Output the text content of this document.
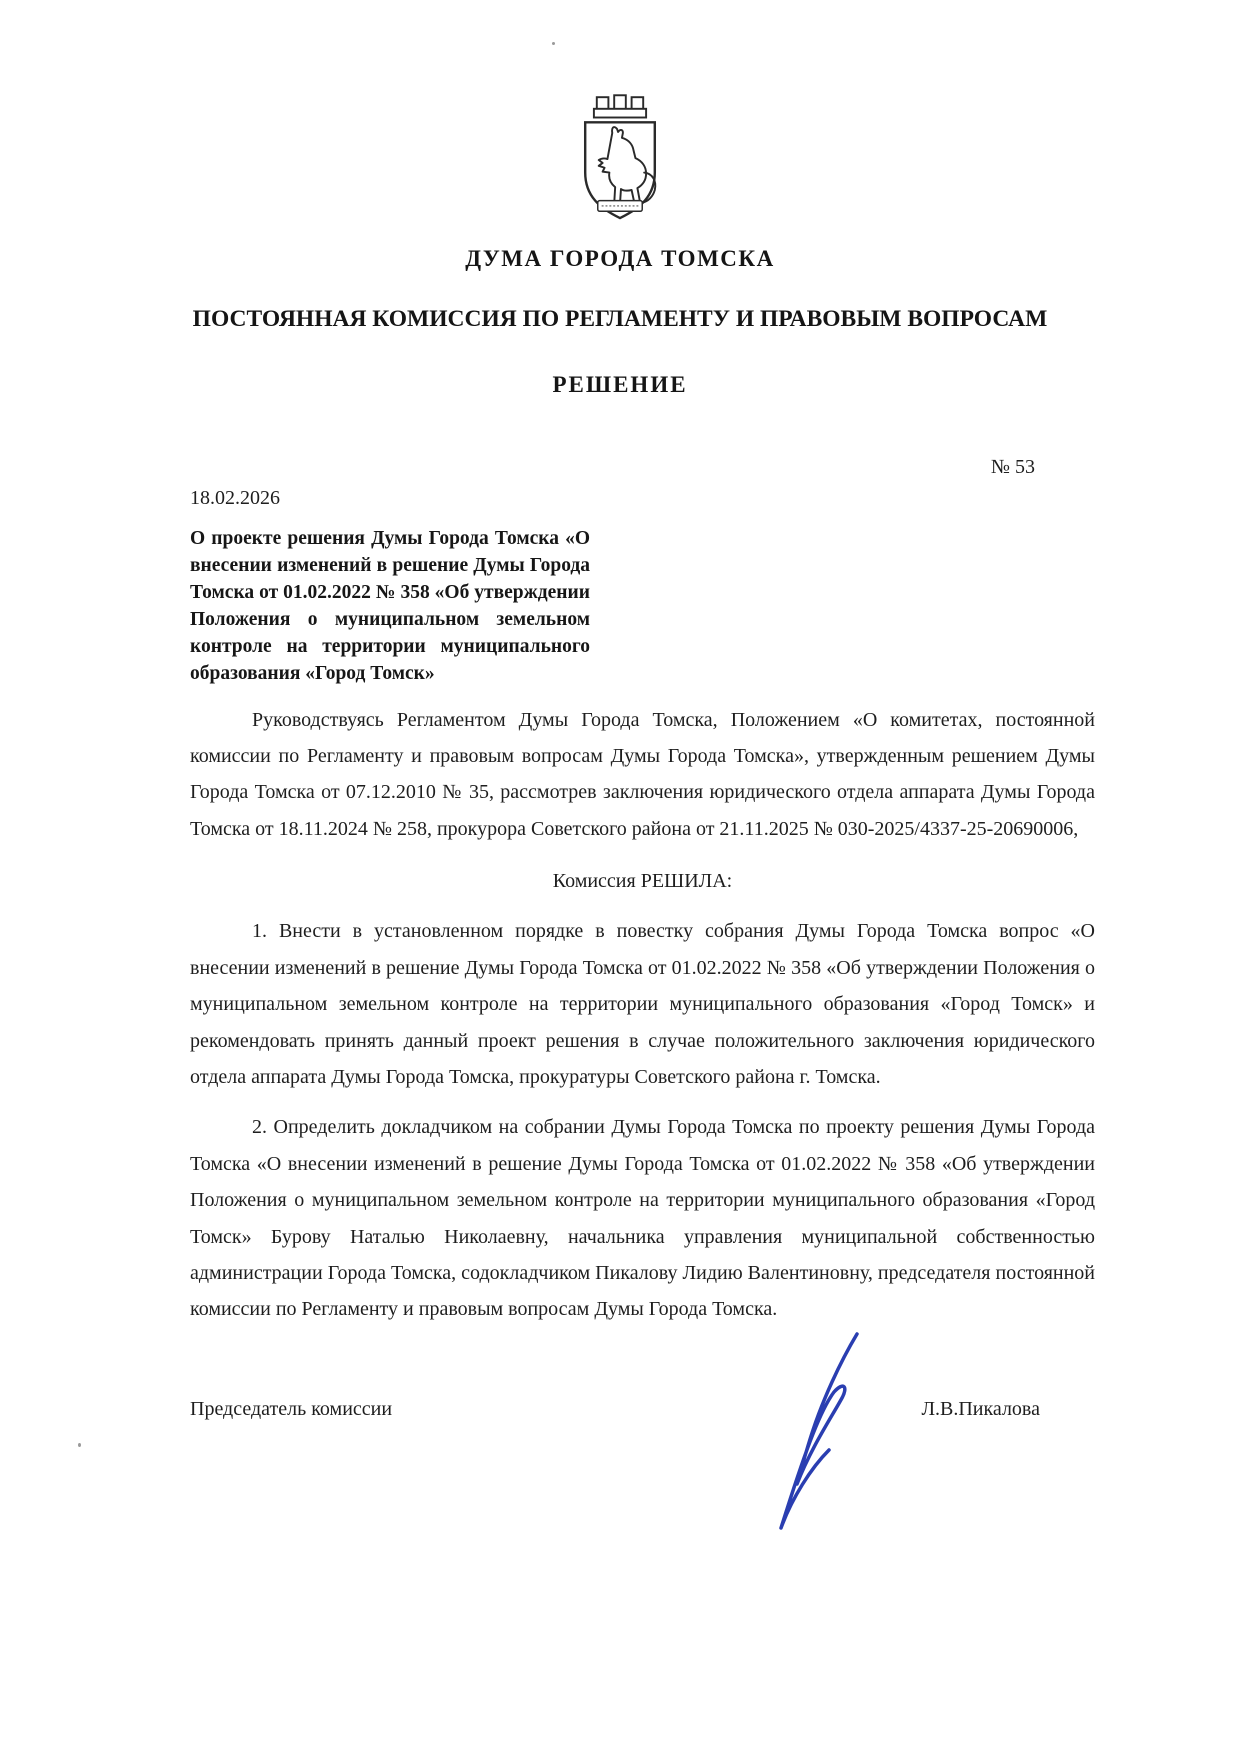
ДУМА ГОРОДА ТОМСКА
ПОСТОЯННАЯ КОМИССИЯ ПО РЕГЛАМЕНТУ И ПРАВОВЫМ ВОПРОСАМ
РЕШЕНИЕ
№ 53
18.02.2026
О проекте решения Думы Города Томска «О внесении изменений в решение Думы Города Томска от 01.02.2022 № 358 «Об утверждении Положения о муниципальном земельном контроле на территории муниципального образования «Город Томск»

Руководствуясь Регламентом Думы Города Томска, Положением «О комитетах, постоянной комиссии по Регламенту и правовым вопросам Думы Города Томска», утвержденным решением Думы Города Томска от 07.12.2010 № 35, рассмотрев заключения юридического отдела аппарата Думы Города Томска от 18.11.2024 № 258, прокурора Советского района от 21.11.2025 № 030-2025/4337-25-20690006,

Комиссия РЕШИЛА:

1. Внести в установленном порядке в повестку собрания Думы Города Томска вопрос «О внесении изменений в решение Думы Города Томска от 01.02.2022 № 358 «Об утверждении Положения о муниципальном земельном контроле на территории муниципального образования «Город Томск» и рекомендовать принять данный проект решения в случае положительного заключения юридического отдела аппарата Думы Города Томска, прокуратуры Советского района г. Томска.

2. Определить докладчиком на собрании Думы Города Томска по проекту решения Думы Города Томска «О внесении изменений в решение Думы Города Томска от 01.02.2022 № 358 «Об утверждении Положения о муниципальном земельном контроле на территории муниципального образования «Город Томск» Бурову Наталью Николаевну, начальника управления муниципальной собственностью администрации Города Томска, содокладчиком Пикалову Лидию Валентиновну, председателя постоянной комиссии по Регламенту и правовым вопросам Думы Города Томска.

Председатель комиссии	Л.В.Пикалова
